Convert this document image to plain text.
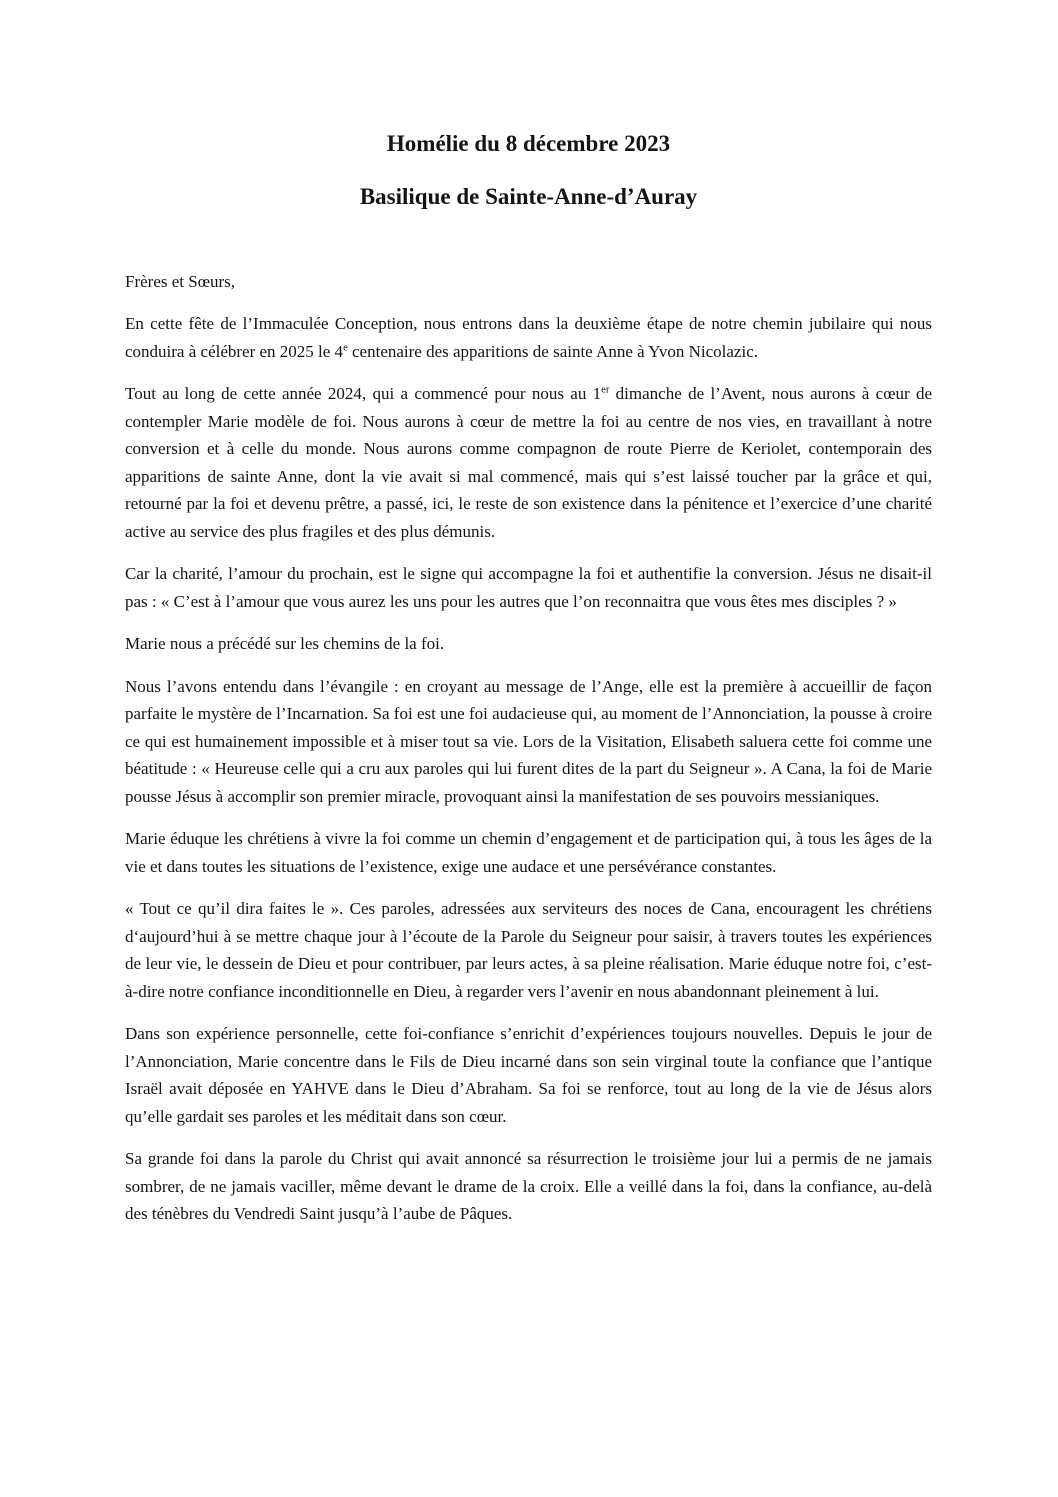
Homélie du 8 décembre 2023
Basilique de Sainte-Anne-d’Auray

Frères et Sœurs,

En cette fête de l’Immaculée Conception, nous entrons dans la deuxième étape de notre chemin jubilaire qui nous conduira à célébrer en 2025 le 4e centenaire des apparitions de sainte Anne à Yvon Nicolazic.

Tout au long de cette année 2024, qui a commencé pour nous au 1er dimanche de l’Avent, nous aurons à cœur de contempler Marie modèle de foi. Nous aurons à cœur de mettre la foi au centre de nos vies, en travaillant à notre conversion et à celle du monde. Nous aurons comme compagnon de route Pierre de Keriolet, contemporain des apparitions de sainte Anne, dont la vie avait si mal commencé, mais qui s’est laissé toucher par la grâce et qui, retourné par la foi et devenu prêtre, a passé, ici, le reste de son existence dans la pénitence et l’exercice d’une charité active au service des plus fragiles et des plus démunis.

Car la charité, l’amour du prochain, est le signe qui accompagne la foi et authentifie la conversion. Jésus ne disait-il pas : « C’est à l’amour que vous aurez les uns pour les autres que l’on reconnaitra que vous êtes mes disciples ? »

Marie nous a précédé sur les chemins de la foi.

Nous l’avons entendu dans l’évangile : en croyant au message de l’Ange, elle est la première à accueillir de façon parfaite le mystère de l’Incarnation. Sa foi est une foi audacieuse qui, au moment de l’Annonciation, la pousse à croire ce qui est humainement impossible et à miser tout sa vie. Lors de la Visitation, Elisabeth saluera cette foi comme une béatitude : « Heureuse celle qui a cru aux paroles qui lui furent dites de la part du Seigneur ». A Cana, la foi de Marie pousse Jésus à accomplir son premier miracle, provoquant ainsi la manifestation de ses pouvoirs messianiques.

Marie éduque les chrétiens à vivre la foi comme un chemin d’engagement et de participation qui, à tous les âges de la vie et dans toutes les situations de l’existence, exige une audace et une persévérance constantes.

« Tout ce qu’il dira faites le ». Ces paroles, adressées aux serviteurs des noces de Cana, encouragent les chrétiens d‘aujourd’hui à se mettre chaque jour à l’écoute de la Parole du Seigneur pour saisir, à travers toutes les expériences de leur vie, le dessein de Dieu et pour contribuer, par leurs actes, à sa pleine réalisation. Marie éduque notre foi, c’est-à-dire notre confiance inconditionnelle en Dieu, à regarder vers l’avenir en nous abandonnant pleinement à lui.

Dans son expérience personnelle, cette foi-confiance s’enrichit d’expériences toujours nouvelles. Depuis le jour de l’Annonciation, Marie concentre dans le Fils de Dieu incarné dans son sein virginal toute la confiance que l’antique Israël avait déposée en YAHVE dans le Dieu d’Abraham. Sa foi se renforce, tout au long de la vie de Jésus alors qu’elle gardait ses paroles et les méditait dans son cœur.

Sa grande foi dans la parole du Christ qui avait annoncé sa résurrection le troisième jour lui a permis de ne jamais sombrer, de ne jamais vaciller, même devant le drame de la croix. Elle a veillé dans la foi, dans la confiance, au-delà des ténèbres du Vendredi Saint jusqu’à l’aube de Pâques.
